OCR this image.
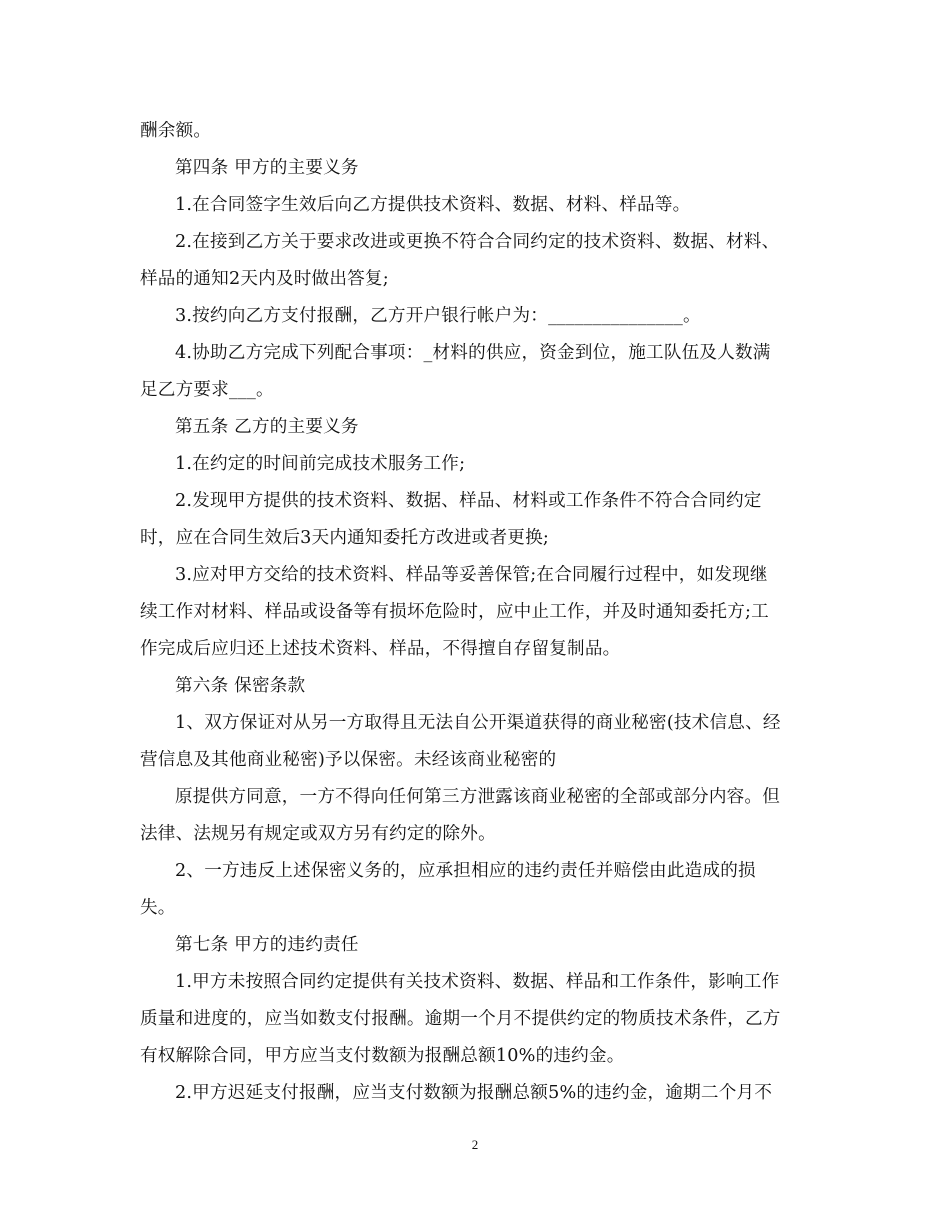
酬余额。
第四条 甲方的主要义务
1.在合同签字生效后向乙方提供技术资料、数据、材料、样品等。
2.在接到乙方关于要求改进或更换不符合合同约定的技术资料、数据、材料、
样品的通知2天内及时做出答复;
3.按约向乙方支付报酬，乙方开户银行帐户为：_______________。
4.协助乙方完成下列配合事项：_材料的供应，资金到位，施工队伍及人数满
足乙方要求___。
第五条 乙方的主要义务
1.在约定的时间前完成技术服务工作;
2.发现甲方提供的技术资料、数据、样品、材料或工作条件不符合合同约定
时，应在合同生效后3天内通知委托方改进或者更换;
3.应对甲方交给的技术资料、样品等妥善保管;在合同履行过程中，如发现继
续工作对材料、样品或设备等有损坏危险时，应中止工作，并及时通知委托方;工
作完成后应归还上述技术资料、样品，不得擅自存留复制品。
第六条 保密条款
1、双方保证对从另一方取得且无法自公开渠道获得的商业秘密(技术信息、经
营信息及其他商业秘密)予以保密。未经该商业秘密的
原提供方同意，一方不得向任何第三方泄露该商业秘密的全部或部分内容。但
法律、法规另有规定或双方另有约定的除外。
2、一方违反上述保密义务的，应承担相应的违约责任并赔偿由此造成的损
失。
第七条 甲方的违约责任
1.甲方未按照合同约定提供有关技术资料、数据、样品和工作条件，影响工作
质量和进度的，应当如数支付报酬。逾期一个月不提供约定的物质技术条件，乙方
有权解除合同，甲方应当支付数额为报酬总额10%的违约金。
2.甲方迟延支付报酬，应当支付数额为报酬总额5%的违约金，逾期二个月不
2
